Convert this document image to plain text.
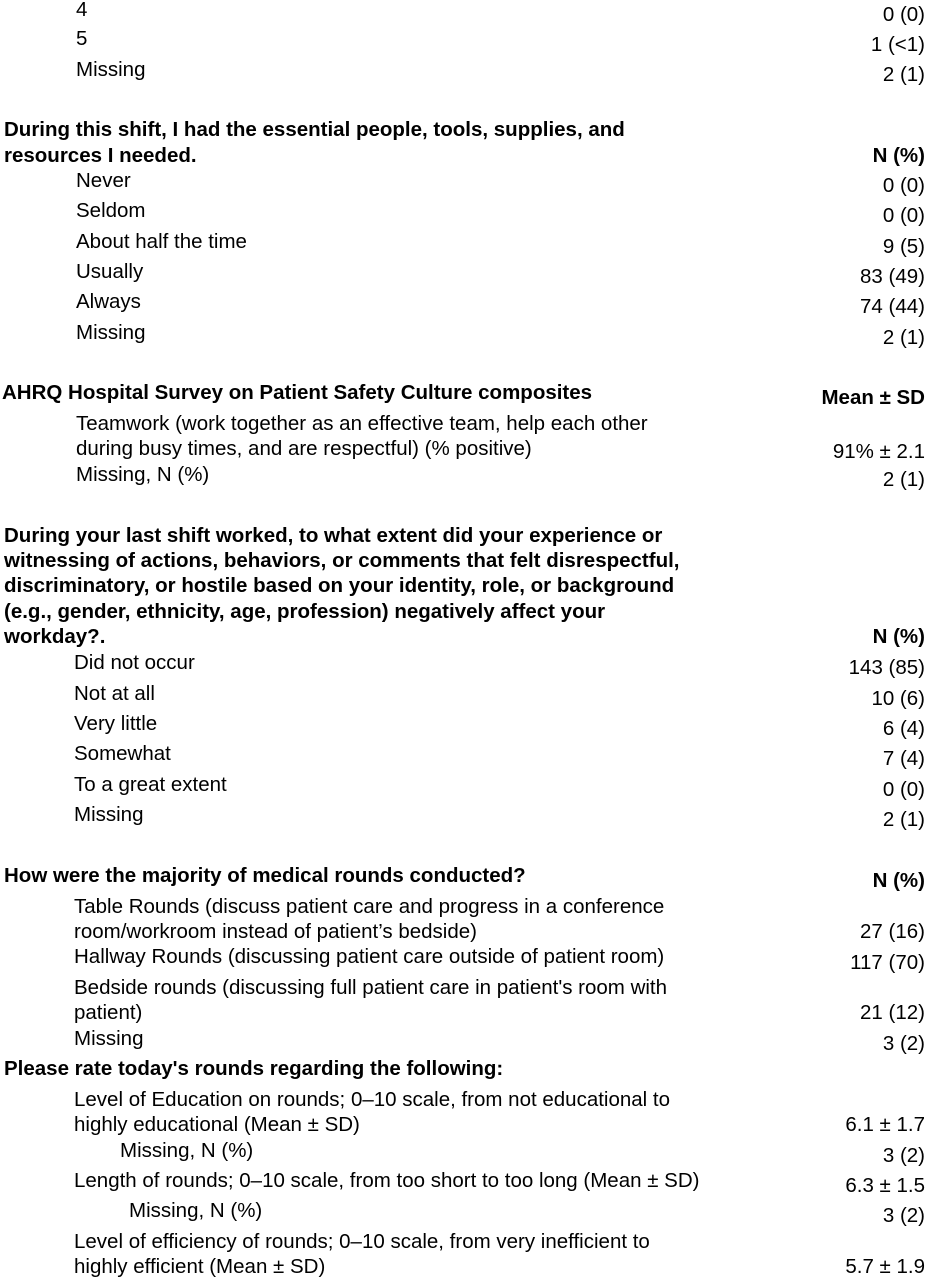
4	0 (0)
5	1 (<1)
Missing	2 (1)
During this shift, I had the essential people, tools, supplies, and
resources I needed.	N (%)
Never	0 (0)
Seldom	0 (0)
About half the time	9 (5)
Usually	83 (49)
Always	74 (44)
Missing	2 (1)
AHRQ Hospital Survey on Patient Safety Culture composites	Mean ± SD
Teamwork (work together as an effective team, help each other
during busy times, and are respectful) (% positive)	91% ± 2.1
Missing, N (%)	2 (1)
During your last shift worked, to what extent did your experience or
witnessing of actions, behaviors, or comments that felt disrespectful,
discriminatory, or hostile based on your identity, role, or background
(e.g., gender, ethnicity, age, profession) negatively affect your
workday?.	N (%)
Did not occur	143 (85)
Not at all	10 (6)
Very little	6 (4)
Somewhat	7 (4)
To a great extent	0 (0)
Missing	2 (1)
How were the majority of medical rounds conducted?	N (%)
Table Rounds (discuss patient care and progress in a conference
room/workroom instead of patient’s bedside)	27 (16)
Hallway Rounds (discussing patient care outside of patient room)	117 (70)
Bedside rounds (discussing full patient care in patient's room with
patient)	21 (12)
Missing	3 (2)
Please rate today's rounds regarding the following:
Level of Education on rounds; 0–10 scale, from not educational to
highly educational (Mean ± SD)	6.1 ± 1.7
Missing, N (%)	3 (2)
Length of rounds; 0–10 scale, from too short to too long (Mean ± SD)	6.3 ± 1.5
Missing, N (%)	3 (2)
Level of efficiency of rounds; 0–10 scale, from very inefficient to
highly efficient (Mean ± SD)	5.7 ± 1.9
